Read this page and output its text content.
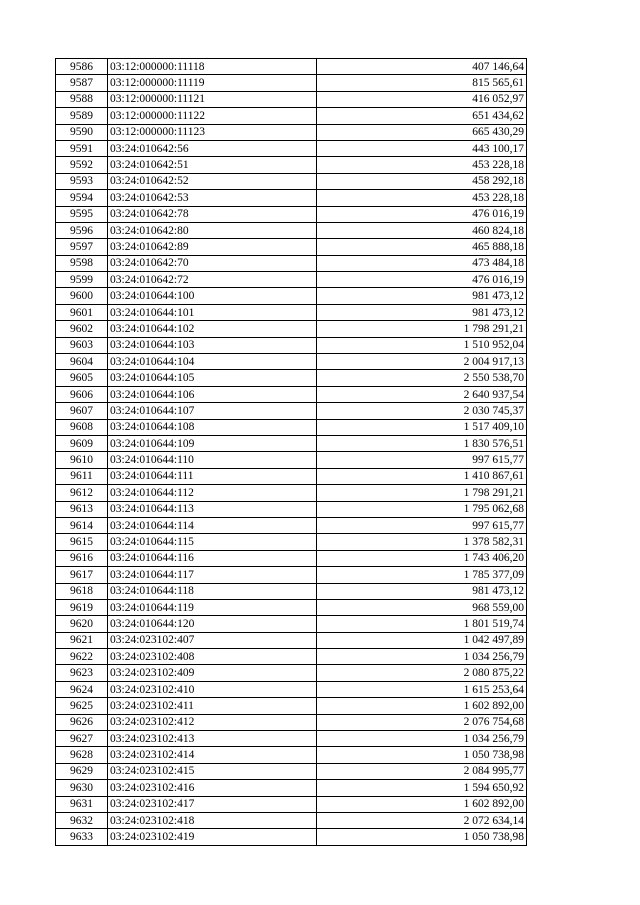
9586	03:12:000000:11118	407 146,64
9587	03:12:000000:11119	815 565,61
9588	03:12:000000:11121	416 052,97
9589	03:12:000000:11122	651 434,62
9590	03:12:000000:11123	665 430,29
9591	03:24:010642:56	443 100,17
9592	03:24:010642:51	453 228,18
9593	03:24:010642:52	458 292,18
9594	03:24:010642:53	453 228,18
9595	03:24:010642:78	476 016,19
9596	03:24:010642:80	460 824,18
9597	03:24:010642:89	465 888,18
9598	03:24:010642:70	473 484,18
9599	03:24:010642:72	476 016,19
9600	03:24:010644:100	981 473,12
9601	03:24:010644:101	981 473,12
9602	03:24:010644:102	1 798 291,21
9603	03:24:010644:103	1 510 952,04
9604	03:24:010644:104	2 004 917,13
9605	03:24:010644:105	2 550 538,70
9606	03:24:010644:106	2 640 937,54
9607	03:24:010644:107	2 030 745,37
9608	03:24:010644:108	1 517 409,10
9609	03:24:010644:109	1 830 576,51
9610	03:24:010644:110	997 615,77
9611	03:24:010644:111	1 410 867,61
9612	03:24:010644:112	1 798 291,21
9613	03:24:010644:113	1 795 062,68
9614	03:24:010644:114	997 615,77
9615	03:24:010644:115	1 378 582,31
9616	03:24:010644:116	1 743 406,20
9617	03:24:010644:117	1 785 377,09
9618	03:24:010644:118	981 473,12
9619	03:24:010644:119	968 559,00
9620	03:24:010644:120	1 801 519,74
9621	03:24:023102:407	1 042 497,89
9622	03:24:023102:408	1 034 256,79
9623	03:24:023102:409	2 080 875,22
9624	03:24:023102:410	1 615 253,64
9625	03:24:023102:411	1 602 892,00
9626	03:24:023102:412	2 076 754,68
9627	03:24:023102:413	1 034 256,79
9628	03:24:023102:414	1 050 738,98
9629	03:24:023102:415	2 084 995,77
9630	03:24:023102:416	1 594 650,92
9631	03:24:023102:417	1 602 892,00
9632	03:24:023102:418	2 072 634,14
9633	03:24:023102:419	1 050 738,98
